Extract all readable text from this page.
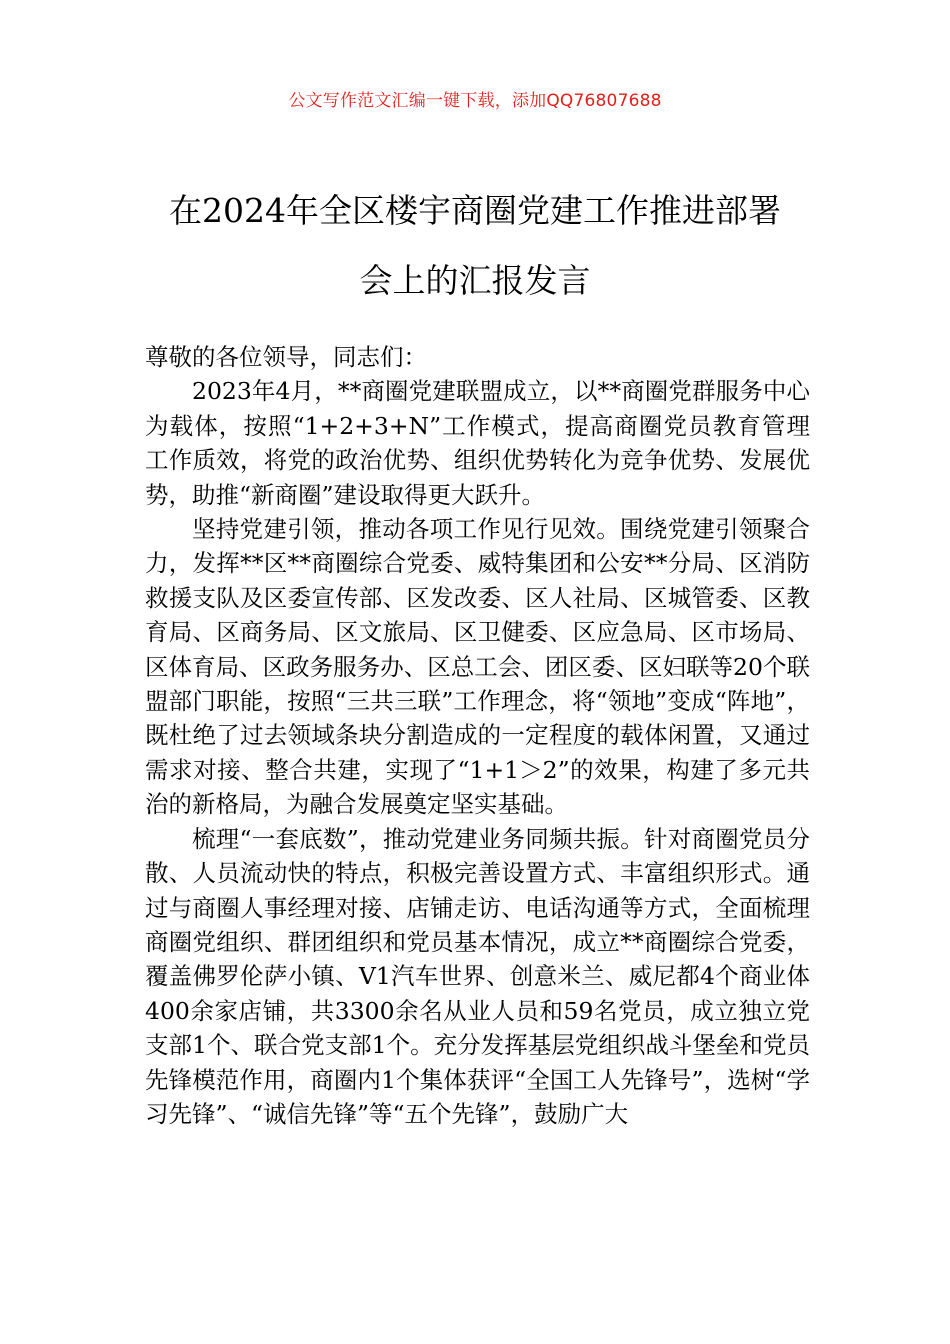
公文写作范文汇编一键下载，添加QQ76807688
在2024年全区楼宇商圈党建工作推进部署
会上的汇报发言

尊敬的各位领导，同志们：

2023年4月，**商圈党建联盟成立，以**商圈党群服务中心为载体，按照“1+2+3+N”工作模式，提高商圈党员教育管理工作质效，将党的政治优势、组织优势转化为竞争优势、发展优势，助推“新商圈”建设取得更大跃升。

坚持党建引领，推动各项工作见行见效。围绕党建引领聚合力，发挥**区**商圈综合党委、威特集团和公安**分局、区消防救援支队及区委宣传部、区发改委、区人社局、区城管委、区教育局、区商务局、区文旅局、区卫健委、区应急局、区市场局、区体育局、区政务服务办、区总工会、团区委、区妇联等20个联盟部门职能，按照“三共三联”工作理念，将“领地”变成“阵地”，既杜绝了过去领域条块分割造成的一定程度的载体闲置，又通过需求对接、整合共建，实现了“1+1＞2”的效果，构建了多元共治的新格局，为融合发展奠定坚实基础。

梳理“一套底数”，推动党建业务同频共振。针对商圈党员分散、人员流动快的特点，积极完善设置方式、丰富组织形式。通过与商圈人事经理对接、店铺走访、电话沟通等方式，全面梳理商圈党组织、群团组织和党员基本情况，成立**商圈综合党委，覆盖佛罗伦萨小镇、V1汽车世界、创意米兰、威尼都4个商业体400余家店铺，共3300余名从业人员和59名党员，成立独立党支部1个、联合党支部1个。充分发挥基层党组织战斗堡垒和党员先锋模范作用，商圈内1个集体获评“全国工人先锋号”，选树“学习先锋”、“诚信先锋”等“五个先锋”，鼓励广大
